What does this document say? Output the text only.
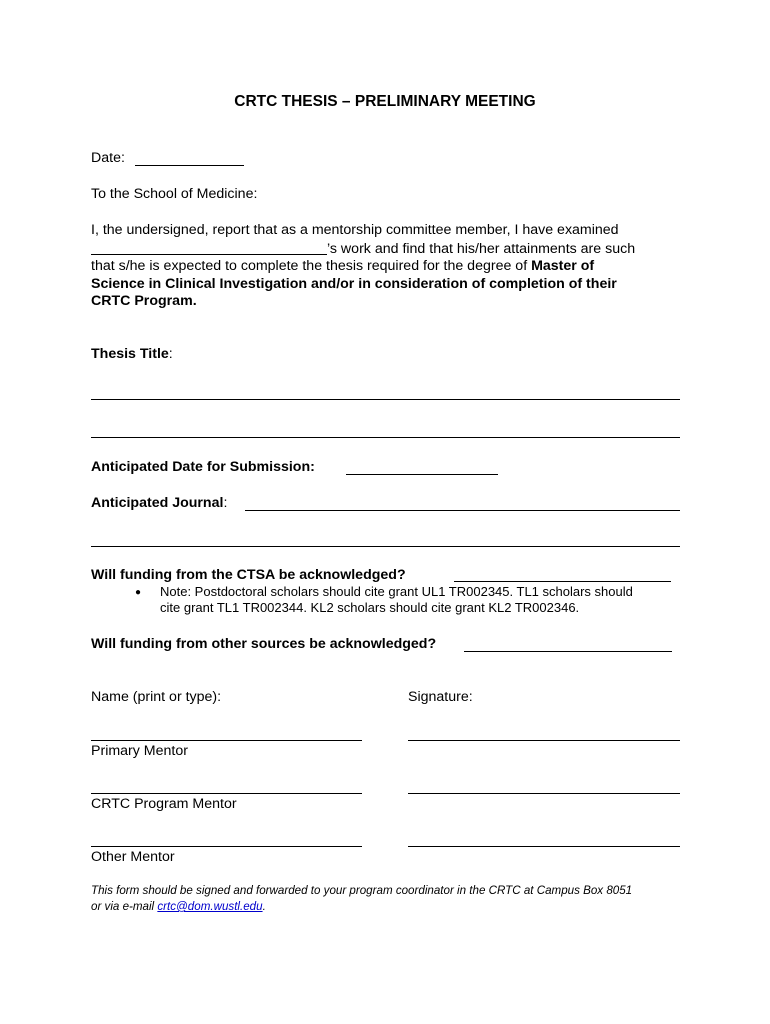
CRTC THESIS – PRELIMINARY MEETING
Date:
To the School of Medicine:
I, the undersigned, report that as a mentorship committee member, I have examined
’s work and find that his/her attainments are such
that s/he is expected to complete the thesis required for the degree of Master of
Science in Clinical Investigation and/or in consideration of completion of their
CRTC Program.
Thesis Title:
Anticipated Date for Submission:
Anticipated Journal:
Will funding from the CTSA be acknowledged?
● Note: Postdoctoral scholars should cite grant UL1 TR002345. TL1 scholars should
cite grant TL1 TR002344. KL2 scholars should cite grant KL2 TR002346.
Will funding from other sources be acknowledged?
Name (print or type):	Signature:
Primary Mentor
CRTC Program Mentor
Other Mentor
This form should be signed and forwarded to your program coordinator in the CRTC at Campus Box 8051
or via e-mail crtc@dom.wustl.edu.
